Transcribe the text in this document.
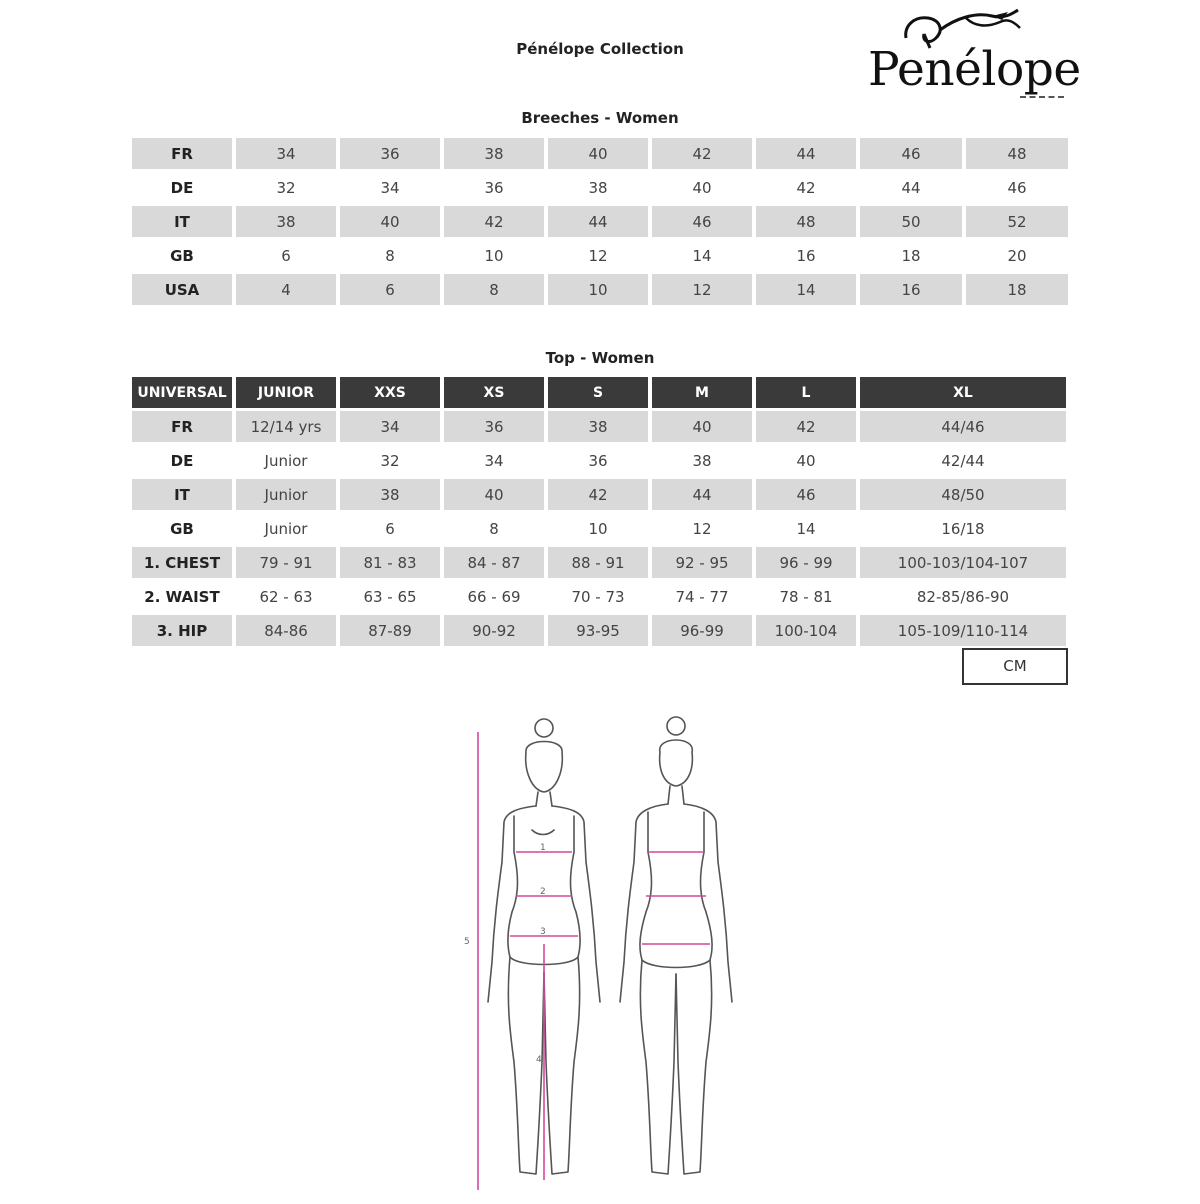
Pénélope Collection	Penélope
Breeches - Women
FR	34	36	38	40	42	44	46	48
DE	32	34	36	38	40	42	44	46
IT	38	40	42	44	46	48	50	52
GB	6	8	10	12	14	16	18	20
USA	4	6	8	10	12	14	16	18
Top - Women
UNIVERSAL	JUNIOR	XXS	XS	S	M	L	XL
FR	12/14 yrs	34	36	38	40	42	44/46
DE	Junior	32	34	36	38	40	42/44
IT	Junior	38	40	42	44	46	48/50
GB	Junior	6	8	10	12	14	16/18
1. CHEST	79 - 91	81 - 83	84 - 87	88 - 91	92 - 95	96 - 99	100-103/104-107
2. WAIST	62 - 63	63 - 65	66 - 69	70 - 73	74 - 77	78 - 81	82-85/86-90
3. HIP	84-86	87-89	90-92	93-95	96-99	100-104	105-109/110-114
CM
1
2
3
4
5
